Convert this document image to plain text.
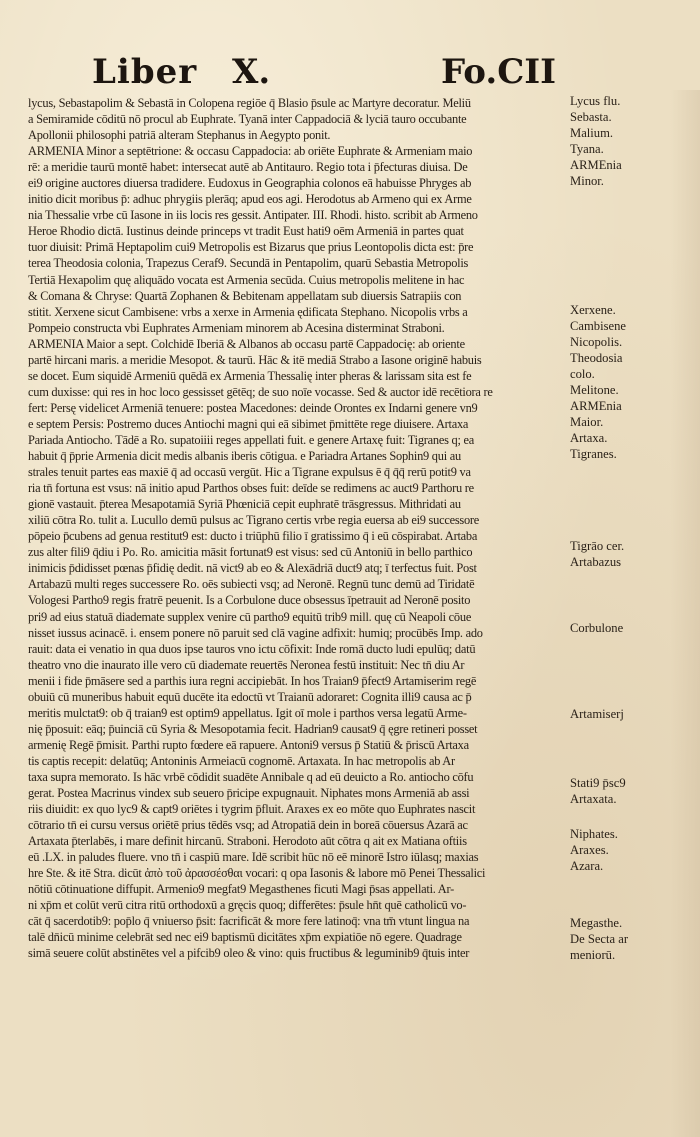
Liber X.	Fo.CII
lycus, Sebastapolim & Sebastā in Colopena regiōe q̄ Blasio p̄sule ac Martyre decoratur. Meliū
a Semiramide cōditū nō procul ab Euphrate. Tyanā inter Cappadociā & lyciā tauro occubante
Apollonii philosophi patriā alteram Stephanus in Aegypto ponit.
ARMENIA Minor a septētrione: & occasu Cappadocia: ab oriēte Euphrate & Armeniam maio
rē: a meridie taurū montē habet: intersecat autē ab Antitauro. Regio tota i p̄fecturas diuisa. De
ei9 origine auctores diuersa tradidere. Eudoxus in Geographia colonos eā habuisse Phryges ab
initio dicit moribus p̄: adhuc phrygiis plerāq; apud eos agi. Herodotus ab Armeno qui ex Arme
nia Thessalie vrbe cū Iasone in iis locis res gessit. Antipater. III. Rhodi. histo. scribit ab Armeno
Heroe Rhodio dictā. Iustinus deinde princeps vt tradit Eust hati9 oēm Armeniā in partes quat
tuor diuisit: Primā Heptapolim cui9 Metropolis est Bizarus que prius Leontopolis dicta est: p̄re
terea Theodosia colonia, Trapezus Ceraf9. Secundā in Pentapolim, quarū Sebastia Metropolis
Tertiā Hexapolim quę aliquādo vocata est Armenia secūda. Cuius metropolis melitene in hac
& Comana & Chryse: Quartā Zophanen & Bebitenam appellatam sub diuersis Satrapiis con
stitit. Xerxene sicut Cambisene: vrbs a xerxe in Armenia ędificata Stephano. Nicopolis vrbs a
Pompeio constructa vbi Euphrates Armeniam minorem ab Acesina disterminat Straboni.
ARMENIA Maior a sept. Colchidē Iberiā & Albanos ab occasu partē Cappadocię: ab oriente
partē hircani maris. a meridie Mesopot. & taurū. Hāc & itē mediā Strabo a Iasone originē habuis
se docet. Eum siquidē Armeniū quēdā ex Armenia Thessalię inter pheras & larissam sita est fe
cum duxisse: qui res in hoc loco gessisset gētēq; de suo noīe vocasse. Sed & auctor idē recētiora re
fert: Persę videlicet Armeniā tenuere: postea Macedones: deinde Orontes ex Indarni genere vn9
e septem Persis: Postremo duces Antiochi magni qui eā sibimet p̄mittēte rege diuisere. Artaxa
Pariada Antiocho. Tādē a Ro. supatoiiii reges appellati fuit. e genere Artaxę fuit: Tigranes q; ea
habuit q̄ p̄prie Armenia dicit medis albanis iberis cōtigua. e Pariadra Artanes Sophin9 qui au
strales tenuit partes eas maxiē q̄ ad occasū vergūt. Hic a Tigrane expulsus ē q̄ q̄q̄ rerū potit9 va
ria tn̄ fortuna est vsus: nā initio apud Parthos obses fuit: deīde se redimens ac auct9 Parthoru re
gionē vastauit. p̄terea Mesapotamiā Syriā Phœniciā cepit euphratē trāsgressus. Mithridati au
xiliū cōtra Ro. tulit a. Lucullo demū pulsus ac Tigrano certis vrbe regia euersa ab ei9 successore
pōpeio p̄cubens ad genua restitut9 est: ducto i triūphū filio ī gratissimo q̄ i eū cōspirabat. Artaba
zus alter fili9 q̄diu i Po. Ro. amicitia māsit fortunat9 est visus: sed cū Antoniū in bello parthico
inimicis p̄didisset pœnas p̄fidię dedit. nā vict9 ab eo & Alexādriā duct9 atq; ī terfectus fuit. Post
Artabazū multi reges successere Ro. oēs subiecti vsq; ad Neronē. Regnū tunc demū ad Tiridatē
Vologesi Partho9 regis fratrē peuenit. Is a Corbulone duce obsessus īpetrauit ad Neronē posito
pri9 ad eius statuā diademate supplex venire cū partho9 equitū trib9 mill. quę cū Neapoli cōue
nisset iussus acinacē. i. ensem ponere nō paruit sed clā vagine adfixit: humiq; procūbēs Imp. ado
rauit: data ei venatio in qua duos ipse tauros vno ictu cōfixit: Inde romā ducto ludi epulūq; datū
theatro vno die inaurato ille vero cū diademate reuertēs Neronea festū instituit: Nec tn̄ diu Ar
menii i fide p̄māsere sed a parthis iura regni accipiebāt. In hos Traian9 p̄fect9 Artamiserim regē
obuiū cū muneribus habuit equū ducēte ita edoctū vt Traianū adoraret: Cognita illi9 causa ac p̄
meritis mulctat9: ob q̄ traian9 est optim9 appellatus. Igit oī mole i parthos versa legatū Arme-
nię p̄posuit: eāq; p̄uinciā cū Syria & Mesopotamia fecit. Hadrian9 causat9 q̄ ęgre retineri posset
armenię Regē p̄misit. Parthi rupto fœdere eā rapuere. Antoni9 versus p̄ Statiū & p̄riscū Artaxa
tis captis recepit: delatūq; Antoninis Armeiacū cognomē. Artaxata. In hac metropolis ab Ar
taxa supra memorato. Is hāc vrbē cōdidit suadēte Annibale q ad eū deuicto a Ro. antiocho cōfu
gerat. Postea Macrinus vindex sub seuero p̄ricipe expugnauit. Niphates mons Armeniā ab assi
riis diuidit: ex quo lyc9 & capt9 oriētes i tygrim p̄fluit. Araxes ex eo mōte quo Euphrates nascit
cōtrario tn̄ ei cursu versus oriētē prius tēdēs vsq; ad Atropatiā dein in boreā cōuersus Azarā ac
Artaxata p̄terlabēs, i mare definit hircanū. Straboni. Herodoto aūt cōtra q ait ex Matiana oftiis
eū .LX. in paludes fluere. vno tn̄ i caspiū mare. Idē scribit hūc nō eē minorē Istro iūlasq; maxias
hre Ste. & itē Stra. dicūt ἀπὸ τοῦ ἀρασσέσθαι vocari: q opa Iasonis & labore mō Penei Thessalici
nōtiū cōtinuatione diffupit. Armenio9 megfat9 Megasthenes ficuti Magi p̄sas appellati. Ar-
ni xp̄m et colūt verū citra ritū orthodoxū a gręcis quoq; differētes: p̄sule hn̄t quē catholicū vo-
cāt q̄ sacerdotib9: pop̄lo q̄ vniuerso p̄sit: facrificāt & more fere latinoq̄: vna tm̄ vtunt lingua na
talē dn̄icū minime celebrāt sed nec ei9 baptismū dicitātes xp̄m expiatiōe nō egere. Quadrage
simā seuere colūt abstinētes vel a pifcib9 oleo & vino: quis fructibus & leguminib9 q̄tuis inter
Lycus flu.
Sebasta.
Malium.
Tyana.
ARMEnia
Minor.
Xerxene.
Cambisene
Nicopolis.
Theodosia
colo.
Melitone.
ARMEnia
Maior.
Artaxa.
Tigranes.
Tigrāo cer.
Artabazus
Corbulone
Artamiserj
Stati9 p̄sc9
Artaxata.
Niphates.
Araxes.
Azara.
Megasthe.
De Secta ar
meniorū.
